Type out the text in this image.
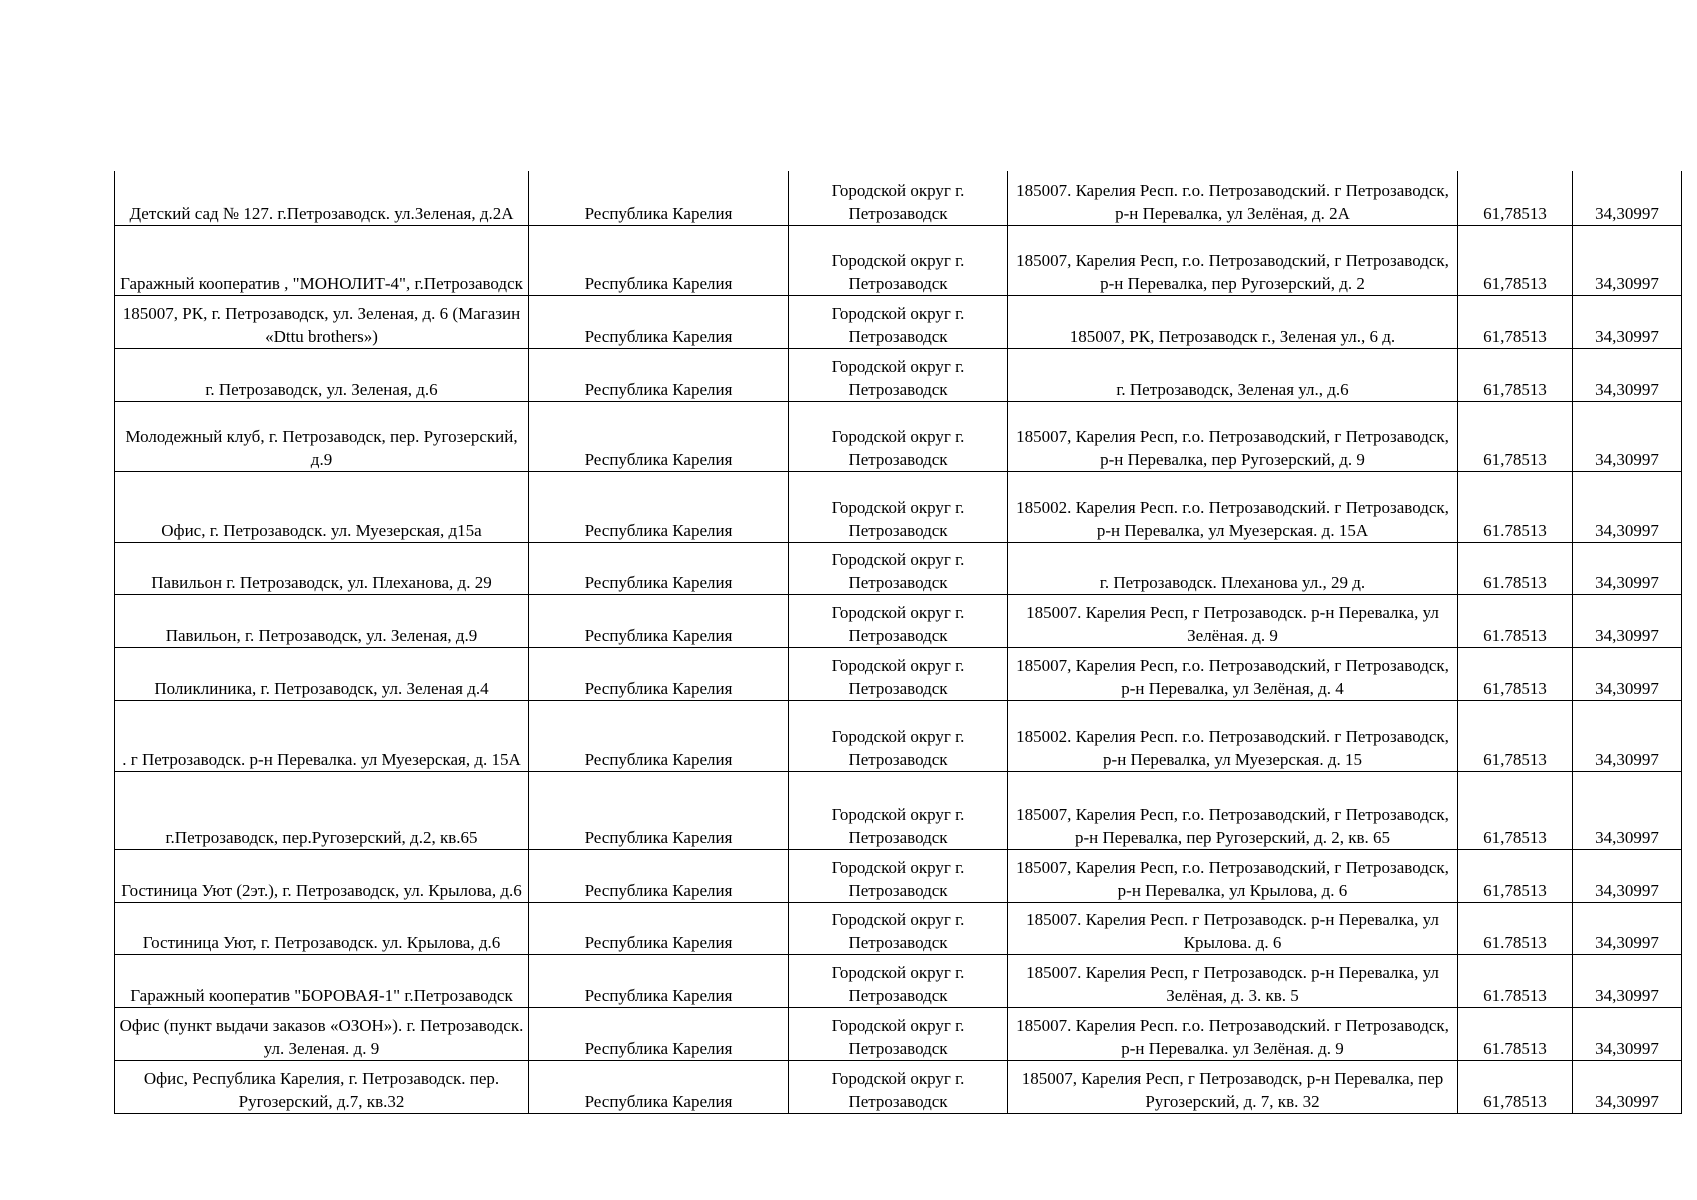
Детский сад № 127. г.Петрозаводск. ул.Зеленая, д.2А	Республика Карелия	Городской округ г. Петрозаводск	185007. Карелия Респ. г.о. Петрозаводский. г Петрозаводск, р-н Перевалка, ул Зелёная, д. 2А	61,78513	34,30997
Гаражный кооператив , "МОНОЛИТ-4", г.Петрозаводск	Республика Карелия	Городской округ г. Петрозаводск	185007, Карелия Респ, г.о. Петрозаводский, г Петрозаводск, р-н Перевалка, пер Ругозерский, д. 2	61,78513	34,30997
185007, РК, г. Петрозаводск, ул. Зеленая, д. 6 (Магазин «Dttu brothers»)	Республика Карелия	Городской округ г. Петрозаводск	185007, РК, Петрозаводск г., Зеленая ул., 6 д.	61,78513	34,30997
г. Петрозаводск, ул. Зеленая, д.6	Республика Карелия	Городской округ г. Петрозаводск	г. Петрозаводск, Зеленая ул., д.6	61,78513	34,30997
Молодежный клуб, г. Петрозаводск, пер. Ругозерский, д.9	Республика Карелия	Городской округ г. Петрозаводск	185007, Карелия Респ, г.о. Петрозаводский, г Петрозаводск, р-н Перевалка, пер Ругозерский, д. 9	61,78513	34,30997
Офис, г. Петрозаводск. ул. Муезерская, д15а	Республика Карелия	Городской округ г. Петрозаводск	185002. Карелия Респ. г.о. Петрозаводский. г Петрозаводск, р-н Перевалка, ул Муезерская. д. 15А	61.78513	34,30997
Павильон г. Петрозаводск, ул. Плеханова, д. 29	Республика Карелия	Городской округ г. Петрозаводск	г. Петрозаводск. Плеханова ул., 29 д.	61.78513	34,30997
Павильон, г. Петрозаводск, ул. Зеленая, д.9	Республика Карелия	Городской округ г. Петрозаводск	185007. Карелия Респ, г Петрозаводск. р-н Перевалка, ул Зелёная. д. 9	61.78513	34,30997
Поликлиника, г. Петрозаводск, ул. Зеленая д.4	Республика Карелия	Городской округ г. Петрозаводск	185007, Карелия Респ, г.о. Петрозаводский, г Петрозаводск, р-н Перевалка, ул Зелёная, д. 4	61,78513	34,30997
. г Петрозаводск. р-н Перевалка. ул Муезерская, д. 15А	Республика Карелия	Городской округ г. Петрозаводск	185002. Карелия Респ. г.о. Петрозаводский. г Петрозаводск, р-н Перевалка, ул Муезерская. д. 15	61,78513	34,30997
г.Петрозаводск, пер.Ругозерский, д.2, кв.65	Республика Карелия	Городской округ г. Петрозаводск	185007, Карелия Респ, г.о. Петрозаводский, г Петрозаводск, р-н Перевалка, пер Ругозерский, д. 2, кв. 65	61,78513	34,30997
Гостиница Уют (2эт.), г. Петрозаводск, ул. Крылова, д.6	Республика Карелия	Городской округ г. Петрозаводск	185007, Карелия Респ, г.о. Петрозаводский, г Петрозаводск, р-н Перевалка, ул Крылова, д. 6	61,78513	34,30997
Гостиница Уют, г. Петрозаводск. ул. Крылова, д.6	Республика Карелия	Городской округ г. Петрозаводск	185007. Карелия Респ. г Петрозаводск. р-н Перевалка, ул Крылова. д. 6	61.78513	34,30997
Гаражный кооператив "БОРОВАЯ-1" г.Петрозаводск	Республика Карелия	Городской округ г. Петрозаводск	185007. Карелия Респ, г Петрозаводск. р-н Перевалка, ул Зелёная, д. 3. кв. 5	61.78513	34,30997
Офис (пункт выдачи заказов «ОЗОН»). г. Петрозаводск. ул. Зеленая. д. 9	Республика Карелия	Городской округ г. Петрозаводск	185007. Карелия Респ. г.о. Петрозаводский. г Петрозаводск, р-н Перевалка. ул Зелёная. д. 9	61.78513	34,30997
Офис, Республика Карелия, г. Петрозаводск. пер. Ругозерский, д.7, кв.32	Республика Карелия	Городской округ г. Петрозаводск	185007, Карелия Респ, г Петрозаводск, р-н Перевалка, пер Ругозерский, д. 7, кв. 32	61,78513	34,30997
